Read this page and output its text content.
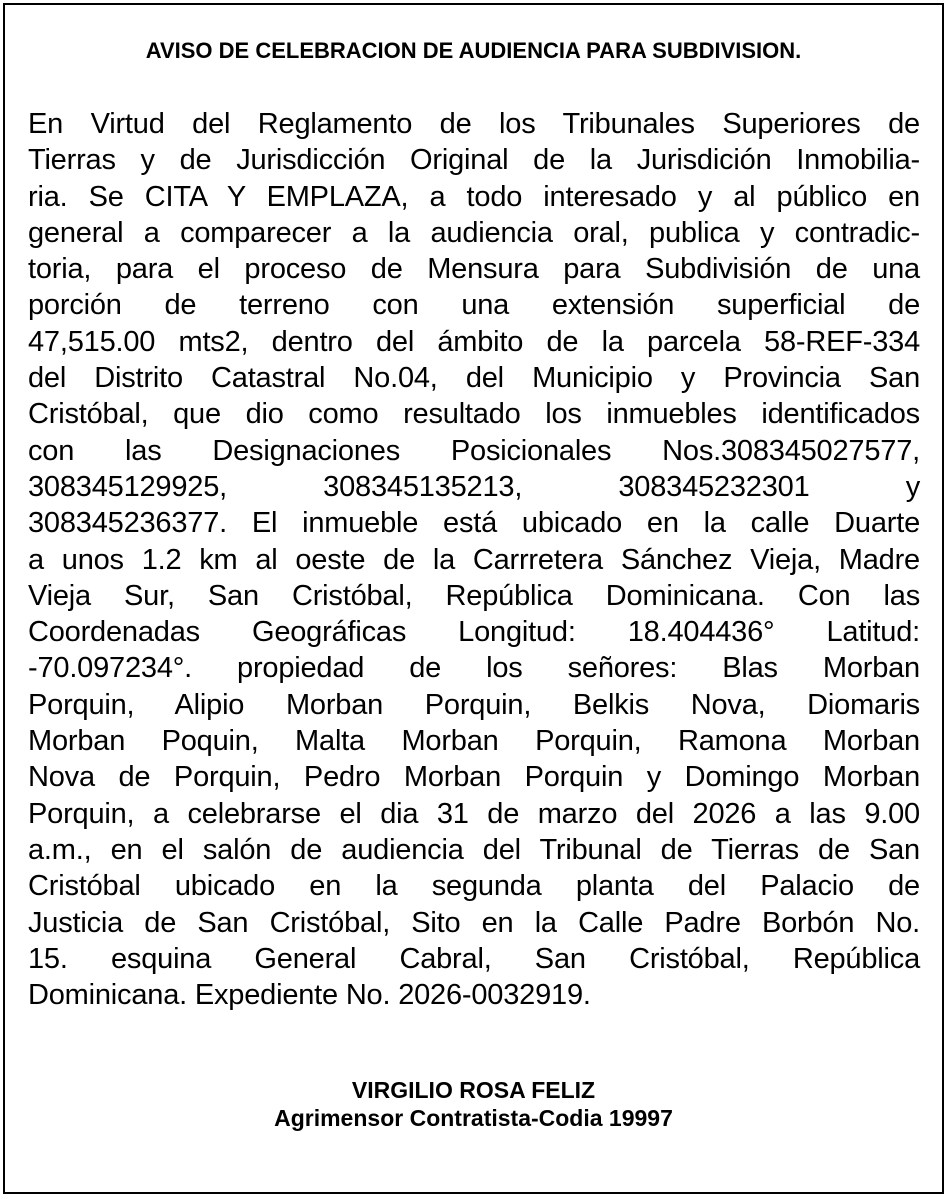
AVISO DE CELEBRACION DE AUDIENCIA PARA SUBDIVISION.
En Virtud del Reglamento de los Tribunales Superiores de
Tierras y de Jurisdicción Original de la Jurisdición Inmobilia-
ria. Se CITA Y EMPLAZA, a todo interesado y al público en
general a comparecer a la audiencia oral, publica y contradic-
toria, para el proceso de Mensura para Subdivisión de una
porción de terreno con una extensión superficial de
47,515.00 mts2, dentro del ámbito de la parcela 58-REF-334
del Distrito Catastral No.04, del Municipio y Provincia San
Cristóbal, que dio como resultado los inmuebles identificados
con las Designaciones Posicionales Nos.308345027577,
308345129925, 308345135213, 308345232301 y
308345236377. El inmueble está ubicado en la calle Duarte
a unos 1.2 km al oeste de la Carrretera Sánchez Vieja, Madre
Vieja Sur, San Cristóbal, República Dominicana. Con las
Coordenadas Geográficas Longitud: 18.404436° Latitud:
-70.097234°. propiedad de los señores: Blas Morban
Porquin, Alipio Morban Porquin, Belkis Nova, Diomaris
Morban Poquin, Malta Morban Porquin, Ramona Morban
Nova de Porquin, Pedro Morban Porquin y Domingo Morban
Porquin, a celebrarse el dia 31 de marzo del 2026 a las 9.00
a.m., en el salón de audiencia del Tribunal de Tierras de San
Cristóbal ubicado en la segunda planta del Palacio de
Justicia de San Cristóbal, Sito en la Calle Padre Borbón No.
15. esquina General Cabral, San Cristóbal, República
Dominicana. Expediente No. 2026-0032919.
VIRGILIO ROSA FELIZ
Agrimensor Contratista-Codia 19997
